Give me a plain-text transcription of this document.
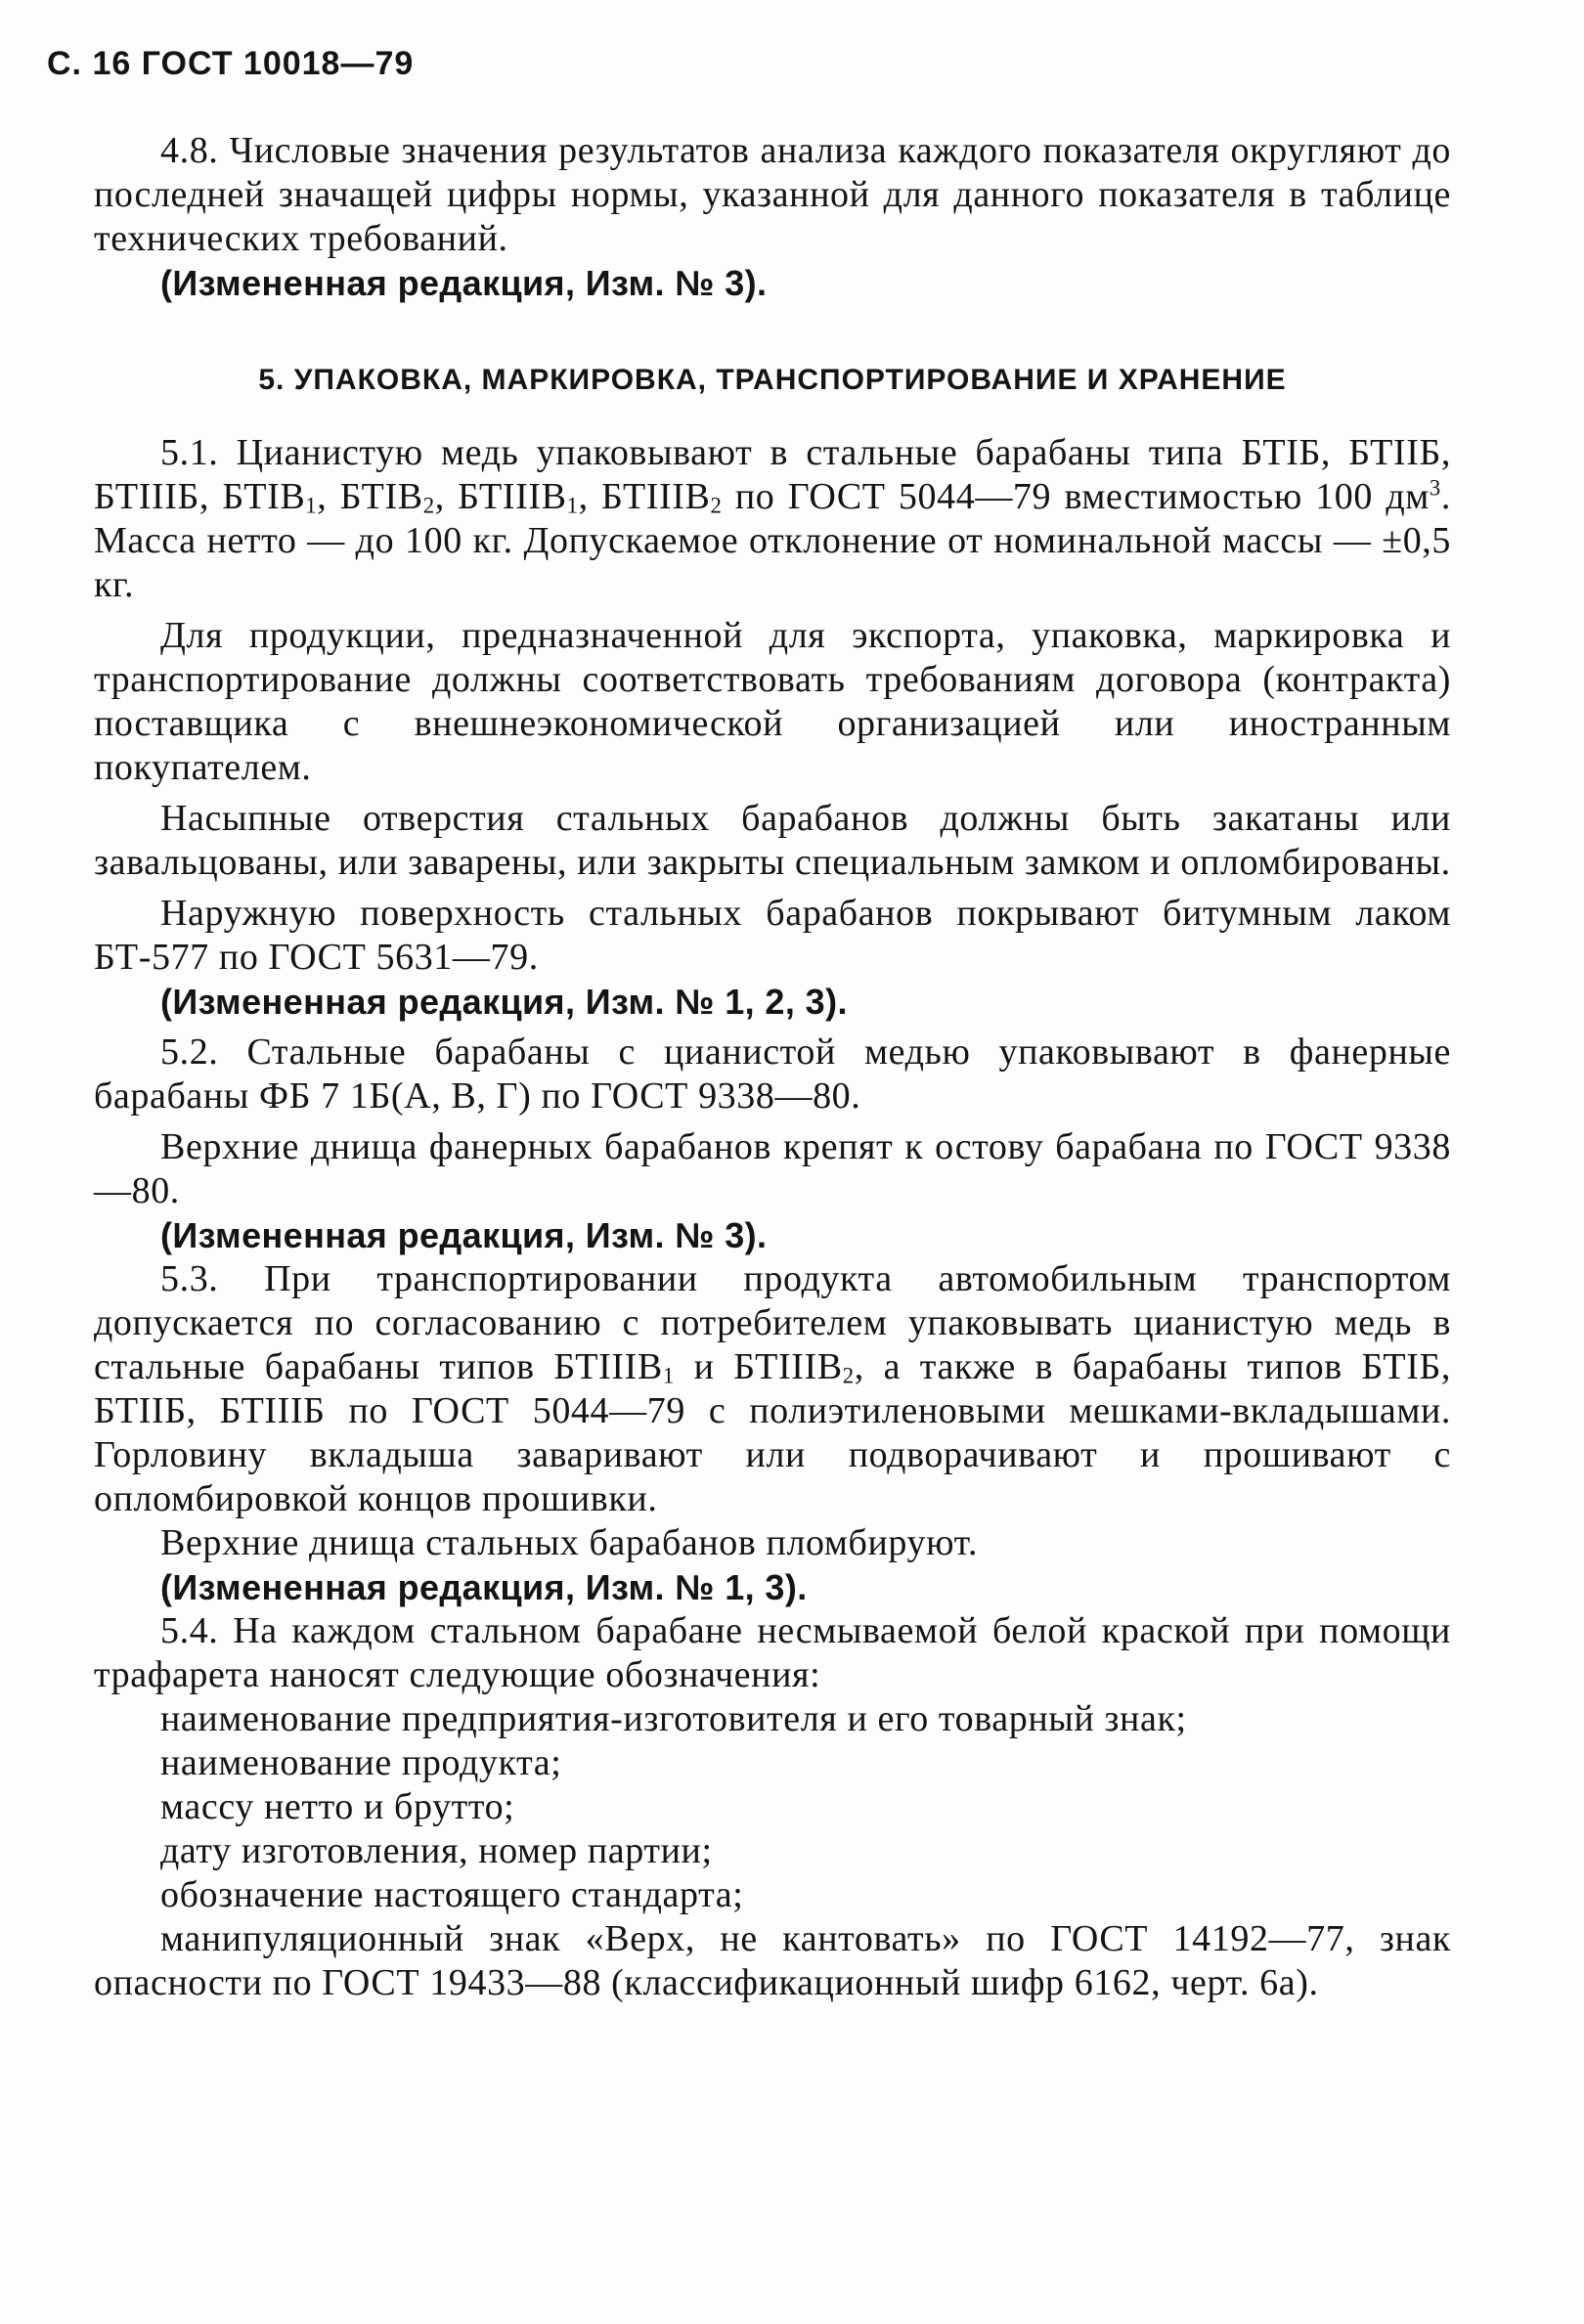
С. 16 ГОСТ 10018—79

4.8. Числовые значения результатов анализа каждого показателя округляют до последней значащей цифры нормы, указанной для данного показателя в таблице технических требований.

(Измененная редакция, Изм. № 3).

5. УПАКОВКА, МАРКИРОВКА, ТРАНСПОРТИРОВАНИЕ И ХРАНЕНИЕ

5.1. Цианистую медь упаковывают в стальные барабаны типа БТIБ, БТIIБ, БТIIIБ, $БТIВ_1$, $БТIВ_2$, $БТIIIВ_1$, $БТIIIВ_2$ по ГОСТ 5044—79 вместимостью 100 $дм^3$. Масса нетто — до 100 кг. Допускаемое отклонение от номинальной массы — ±0,5 кг.

Для продукции, предназначенной для экспорта, упаковка, маркировка и транспортирование должны соответствовать требованиям договора (контракта) поставщика с внешнеэкономической организацией или иностранным покупателем.

Насыпные отверстия стальных барабанов должны быть закатаны или завальцованы, или заварены, или закрыты специальным замком и опломбированы.

Наружную поверхность стальных барабанов покрывают битумным лаком БТ-577 по ГОСТ 5631—79.

(Измененная редакция, Изм. № 1, 2, 3).

5.2. Стальные барабаны с цианистой медью упаковывают в фанерные барабаны ФБ 7 1Б(А, В, Г) по ГОСТ 9338—80.

Верхние днища фанерных барабанов крепят к остову барабана по ГОСТ 9338—80.

(Измененная редакция, Изм. № 3).

5.3. При транспортировании продукта автомобильным транспортом допускается по согласованию с потребителем упаковывать цианистую медь в стальные барабаны типов $БТIIIВ_1$ и $БТIIIВ_2$, а также в барабаны типов БТIБ, БТIIБ, БТIIIБ по ГОСТ 5044—79 с полиэтиленовыми мешками-вкладышами. Горловину вкладыша заваривают или подворачивают и прошивают с опломбировкой концов прошивки.

Верхние днища стальных барабанов пломбируют.

(Измененная редакция, Изм. № 1, 3).

5.4. На каждом стальном барабане несмываемой белой краской при помощи трафарета наносят следующие обозначения:

наименование предприятия-изготовителя и его товарный знак;

наименование продукта;

массу нетто и брутто;

дату изготовления, номер партии;

обозначение настоящего стандарта;

манипуляционный знак «Верх, не кантовать» по ГОСТ 14192—77, знак опасности по ГОСТ 19433—88 (классификационный шифр 6162, черт. 6а).
